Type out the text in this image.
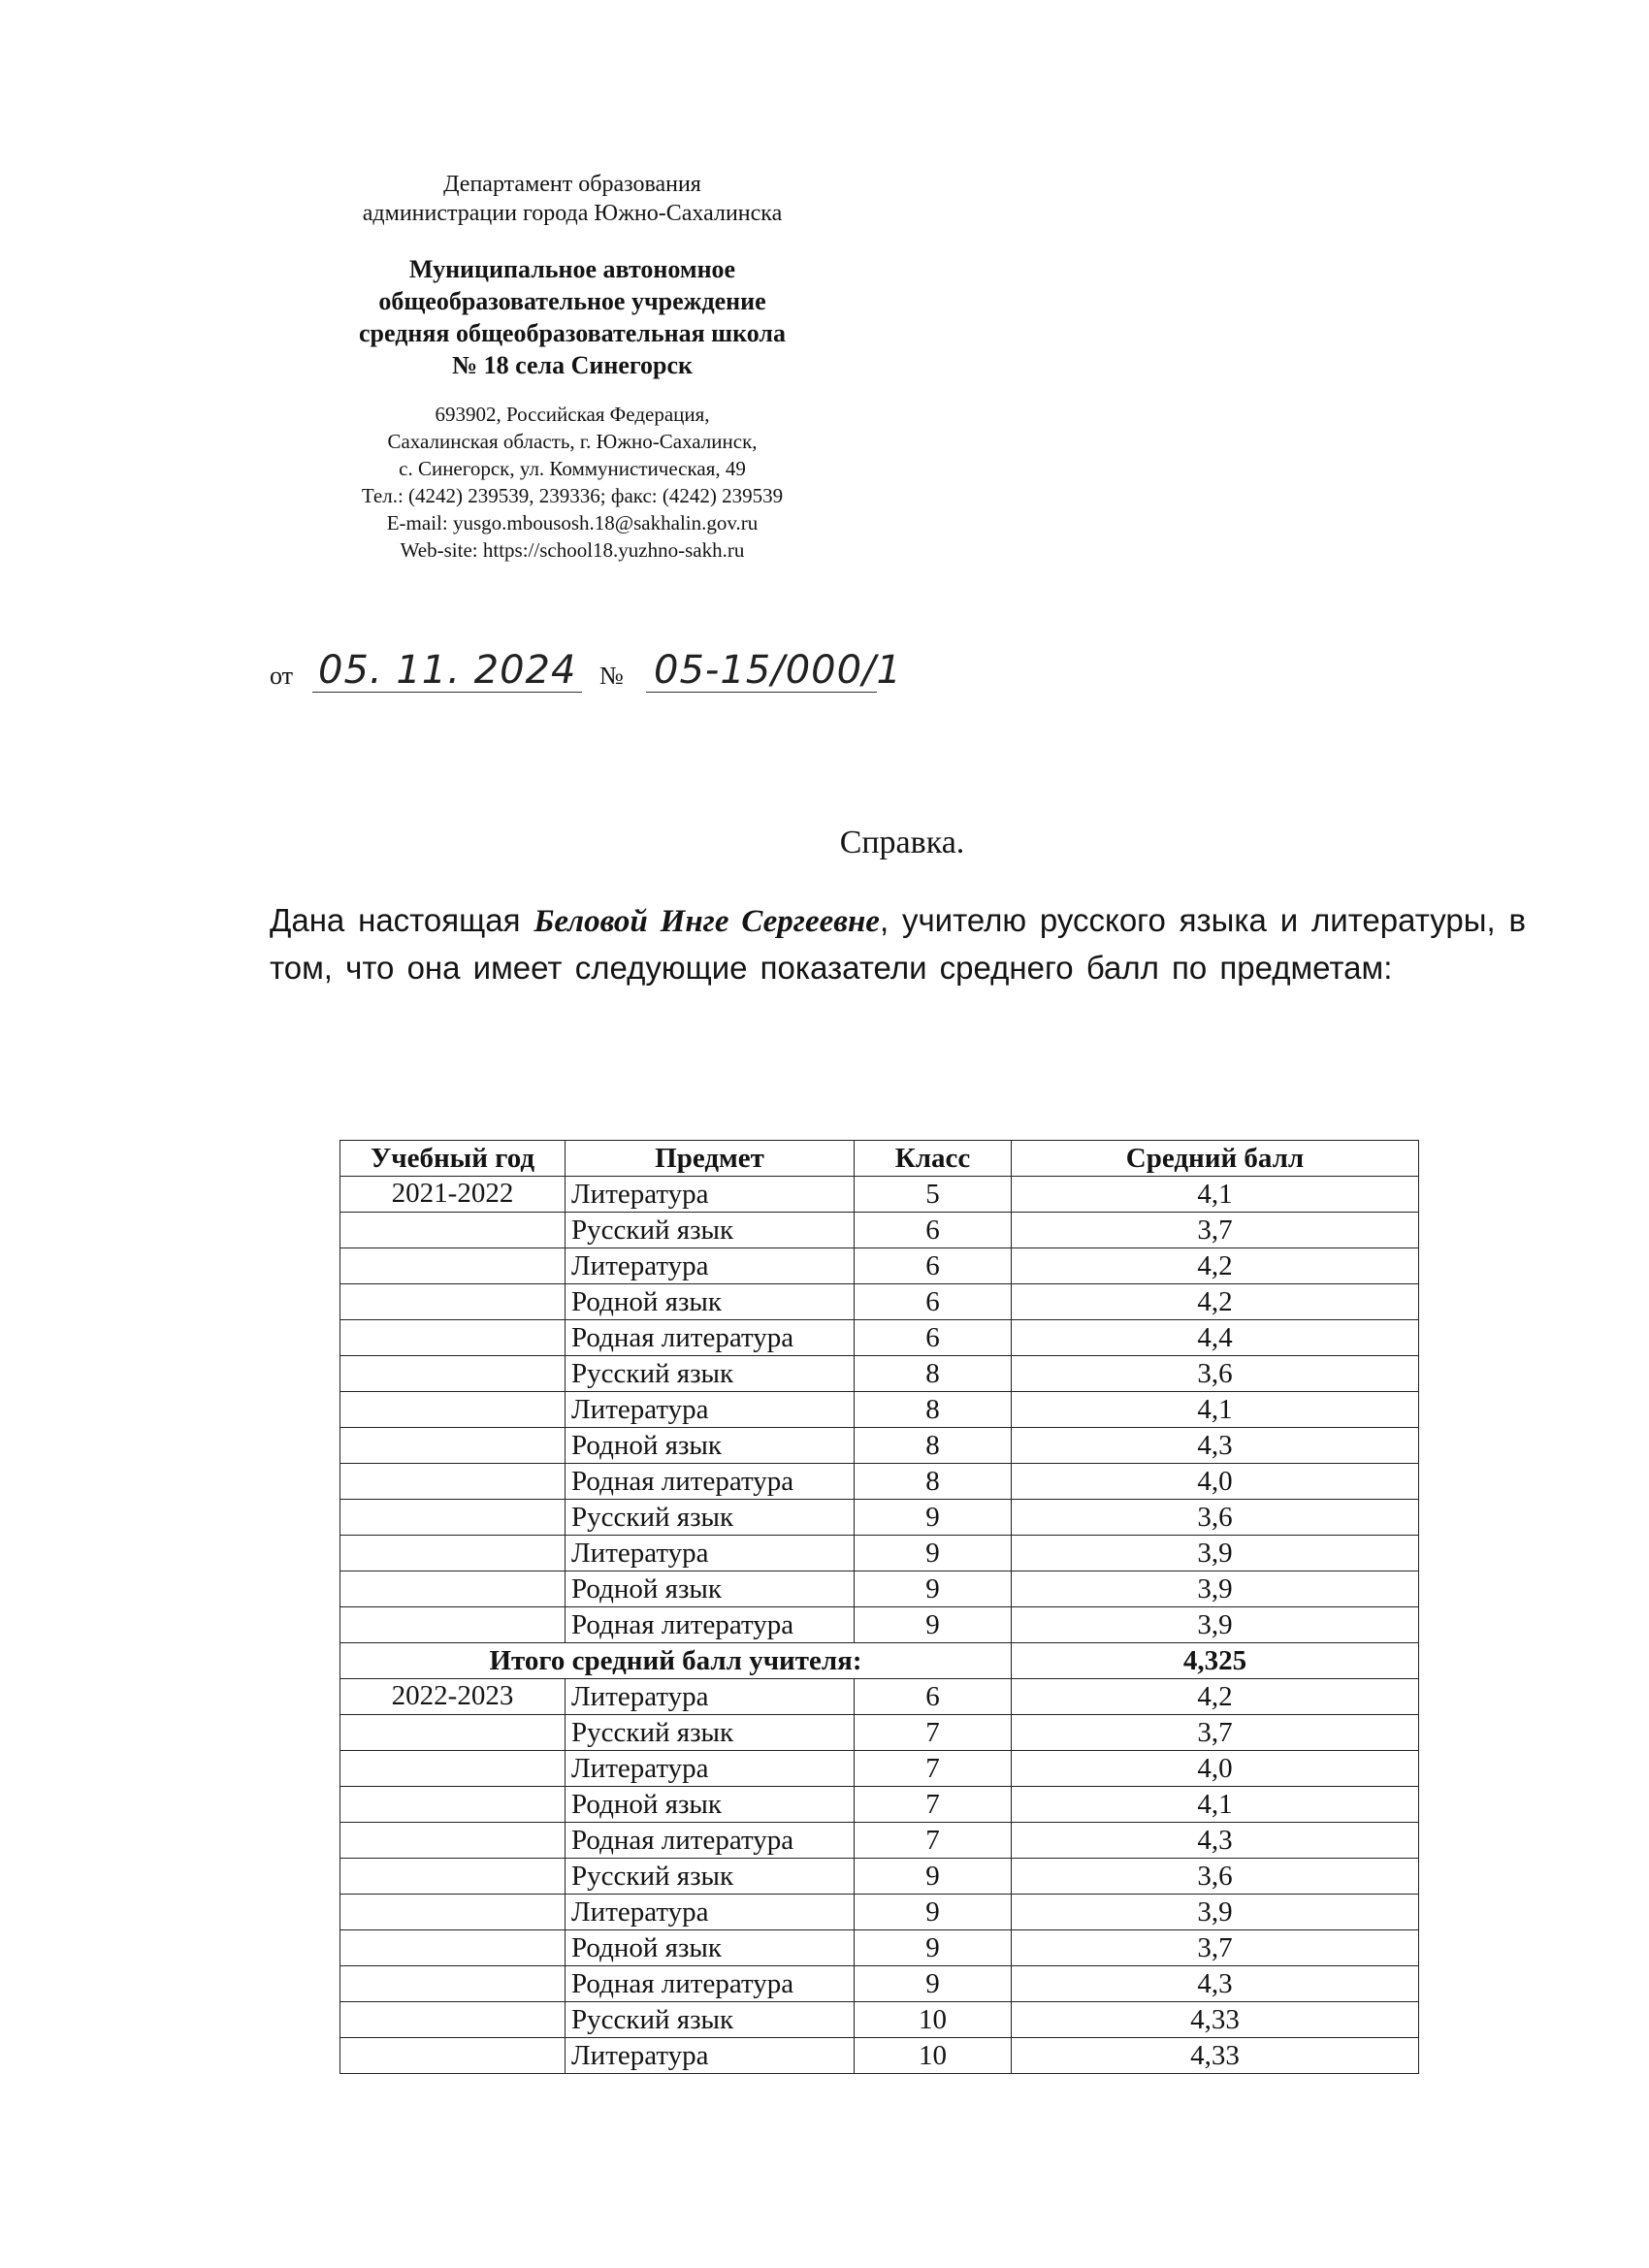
Департамент образования
администрации города Южно-Сахалинска
Муниципальное автономное
общеобразовательное учреждение
средняя общеобразовательная школа
№ 18 села Синегорск
693902, Российская Федерация,
Сахалинская область, г. Южно-Сахалинск,
с. Синегорск, ул. Коммунистическая, 49
Тел.: (4242) 239539, 239336; факс: (4242) 239539
E-mail: yusgo.mbousosh.18@sakhalin.gov.ru
Web-site: https://school18.yuzhno-sakh.ru
от 05. 11. 2024 № 05-15/000/1
Справка.
Дана настоящая Беловой Инге Сергеевне, учителю русского языка и литературы, в том, что она имеет следующие показатели среднего балл по предметам:
Учебный год	Предмет	Класс	Средний балл
2021-2022	Литература	5	4,1
	Русский язык	6	3,7
	Литература	6	4,2
	Родной язык	6	4,2
	Родная литература	6	4,4
	Русский язык	8	3,6
	Литература	8	4,1
	Родной язык	8	4,3
	Родная литература	8	4,0
	Русский язык	9	3,6
	Литература	9	3,9
	Родной язык	9	3,9
	Родная литература	9	3,9
Итого средний балл учителя:			4,325
2022-2023	Литература	6	4,2
	Русский язык	7	3,7
	Литература	7	4,0
	Родной язык	7	4,1
	Родная литература	7	4,3
	Русский язык	9	3,6
	Литература	9	3,9
	Родной язык	9	3,7
	Родная литература	9	4,3
	Русский язык	10	4,33
	Литература	10	4,33
